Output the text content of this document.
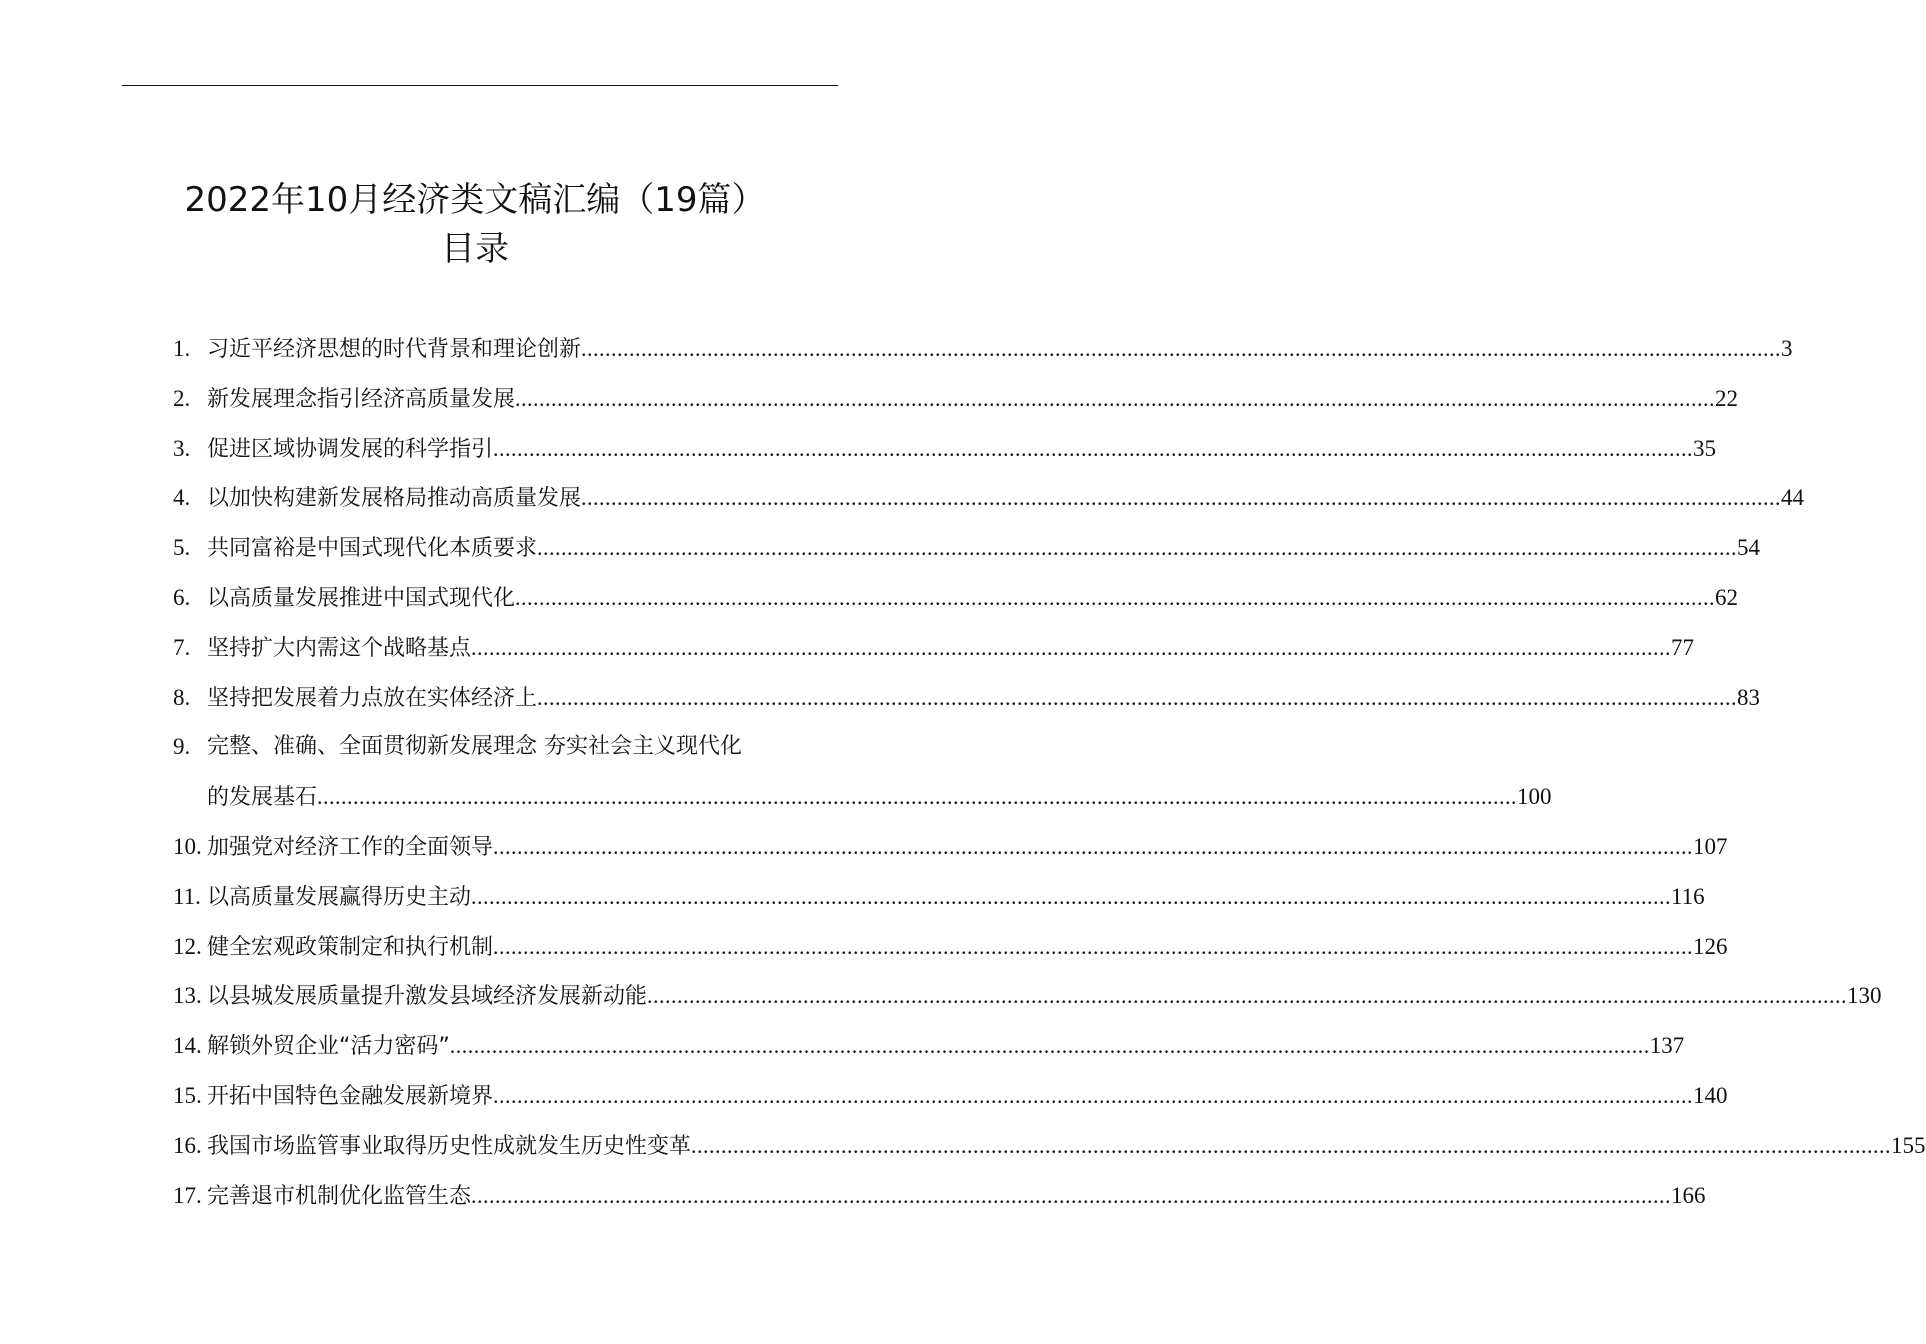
2022年10月经济类文稿汇编（19篇）
目录
1. 习近平经济思想的时代背景和理论创新 ........................................................................................................................................................................................................ 3
2. 新发展理念指引经济高质量发展 ........................................................................................................................................................................................................ 22
3. 促进区域协调发展的科学指引 ........................................................................................................................................................................................................ 35
4. 以加快构建新发展格局推动高质量发展 ........................................................................................................................................................................................................ 44
5. 共同富裕是中国式现代化本质要求 ........................................................................................................................................................................................................ 54
6. 以高质量发展推进中国式现代化 ........................................................................................................................................................................................................ 62
7. 坚持扩大内需这个战略基点 ........................................................................................................................................................................................................ 77
8. 坚持把发展着力点放在实体经济上 ........................................................................................................................................................................................................ 83
9. 完整、准确、全面贯彻新发展理念 夯实社会主义现代化
的发展基石 ........................................................................................................................................................................................................ 100
10. 加强党对经济工作的全面领导 ........................................................................................................................................................................................................ 107
11. 以高质量发展赢得历史主动 ........................................................................................................................................................................................................ 116
12. 健全宏观政策制定和执行机制 ........................................................................................................................................................................................................ 126
13. 以县城发展质量提升激发县域经济发展新动能 ........................................................................................................................................................................................................ 130
14. 解锁外贸企业“活力密码” ........................................................................................................................................................................................................ 137
15. 开拓中国特色金融发展新境界 ........................................................................................................................................................................................................ 140
16. 我国市场监管事业取得历史性成就发生历史性变革 ........................................................................................................................................................................................................ 155
17. 完善退市机制优化监管生态 ........................................................................................................................................................................................................ 166
